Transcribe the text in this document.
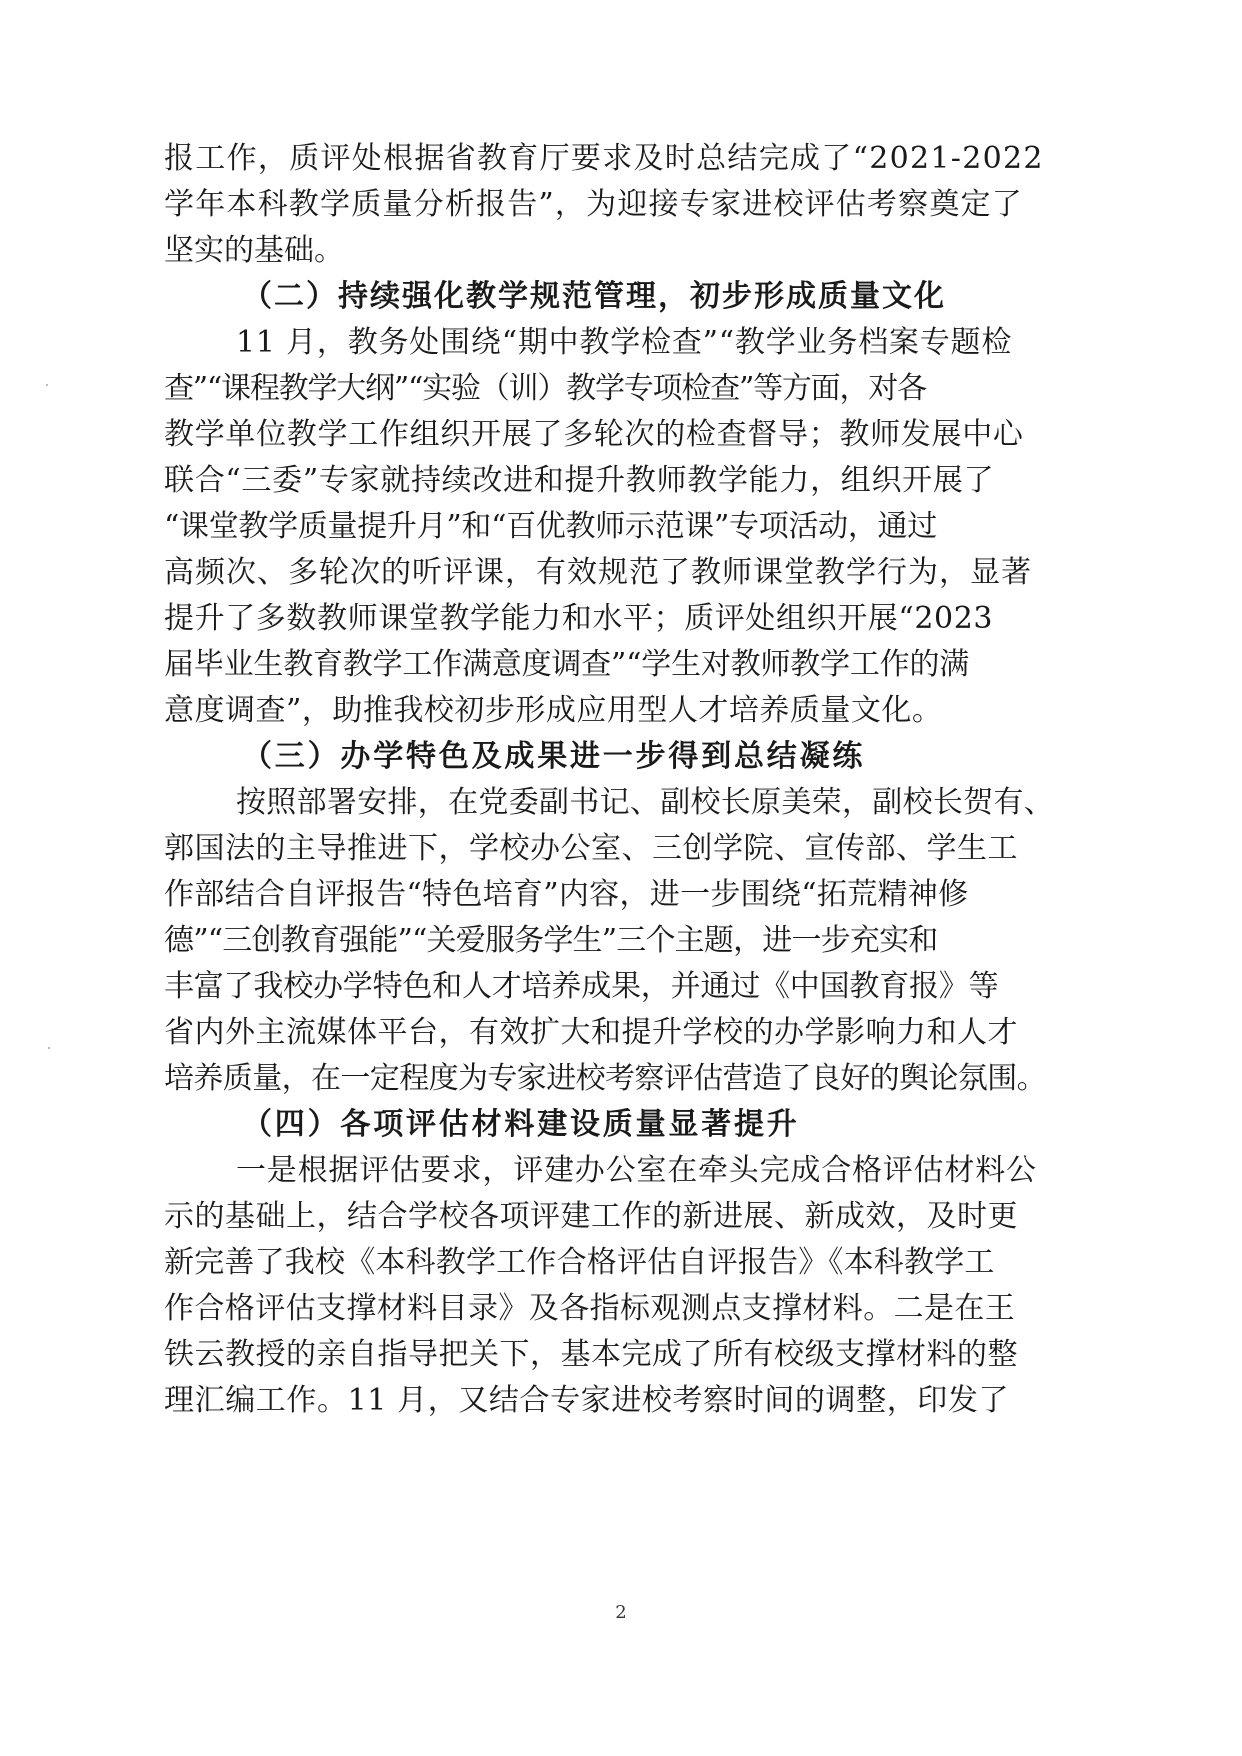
报工作，质评处根据省教育厅要求及时总结完成了“2021-2022
学年本科教学质量分析报告”，为迎接专家进校评估考察奠定了
坚实的基础。
（二）持续强化教学规范管理，初步形成质量文化
11 月，教务处围绕“期中教学检查”“教学业务档案专题检
查”“课程教学大纲”“实验（训）教学专项检查”等方面，对各
教学单位教学工作组织开展了多轮次的检查督导；教师发展中心
联合“三委”专家就持续改进和提升教师教学能力，组织开展了
“课堂教学质量提升月”和“百优教师示范课”专项活动，通过
高频次、多轮次的听评课，有效规范了教师课堂教学行为，显著
提升了多数教师课堂教学能力和水平；质评处组织开展“2023
届毕业生教育教学工作满意度调查”“学生对教师教学工作的满
意度调查”，助推我校初步形成应用型人才培养质量文化。
（三）办学特色及成果进一步得到总结凝练
按照部署安排，在党委副书记、副校长原美荣，副校长贺有、
郭国法的主导推进下，学校办公室、三创学院、宣传部、学生工
作部结合自评报告“特色培育”内容，进一步围绕“拓荒精神修
德”“三创教育强能”“关爱服务学生”三个主题，进一步充实和
丰富了我校办学特色和人才培养成果，并通过《中国教育报》等
省内外主流媒体平台，有效扩大和提升学校的办学影响力和人才
培养质量，在一定程度为专家进校考察评估营造了良好的舆论氛围。
（四）各项评估材料建设质量显著提升
一是根据评估要求，评建办公室在牵头完成合格评估材料公
示的基础上，结合学校各项评建工作的新进展、新成效，及时更
新完善了我校《本科教学工作合格评估自评报告》《本科教学工
作合格评估支撑材料目录》及各指标观测点支撑材料。二是在王
铁云教授的亲自指导把关下，基本完成了所有校级支撑材料的整
理汇编工作。11 月，又结合专家进校考察时间的调整，印发了
2
